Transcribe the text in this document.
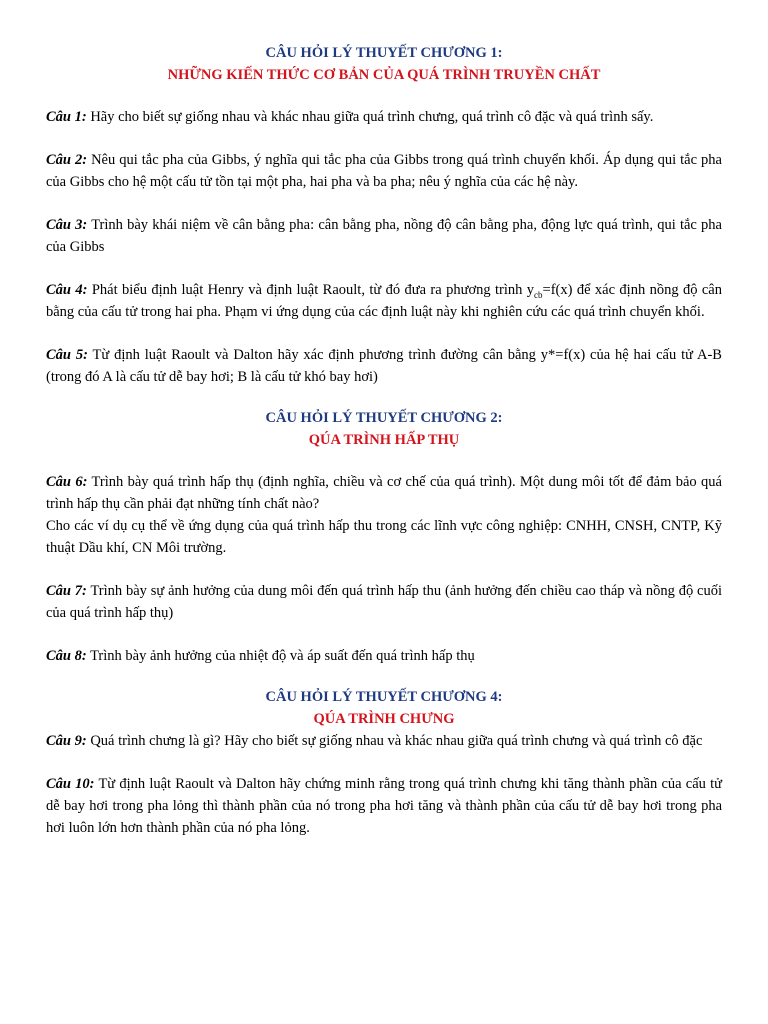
CÂU HỎI LÝ THUYẾT CHƯƠNG 1:
NHỮNG KIẾN THỨC CƠ BẢN CỦA QUÁ TRÌNH TRUYỀN CHẤT

Câu 1: Hãy cho biết sự giống nhau và khác nhau giữa quá trình chưng, quá trình cô đặc và quá trình sấy.

Câu 2: Nêu qui tắc pha của Gibbs, ý nghĩa qui tắc pha của Gibbs trong quá trình chuyển khối. Áp dụng qui tắc pha của Gibbs cho hệ một cấu tử tồn tại một pha, hai pha và ba pha; nêu ý nghĩa của các hệ này.

Câu 3: Trình bày khái niệm về cân bằng pha: cân bằng pha, nồng độ cân bằng pha, động lực quá trình, qui tắc pha của Gibbs

Câu 4: Phát biểu định luật Henry và định luật Raoult, từ đó đưa ra phương trình $y_{cb}=f(x)$ để xác định nồng độ cân bằng của cấu tử trong hai pha. Phạm vi ứng dụng của các định luật này khi nghiên cứu các quá trình chuyển khối.

Câu 5: Từ định luật Raoult và Dalton hãy xác định phương trình đường cân bằng y*=f(x) của hệ hai cấu tử A-B (trong đó A là cấu tử dễ bay hơi; B là cấu tử khó bay hơi)

CÂU HỎI LÝ THUYẾT CHƯƠNG 2:
QÚA TRÌNH HẤP THỤ

Câu 6: Trình bày quá trình hấp thụ (định nghĩa, chiều và cơ chế của quá trình). Một dung môi tốt để đảm bảo quá trình hấp thụ cần phải đạt những tính chất nào?

Cho các ví dụ cụ thể về ứng dụng của quá trình hấp thu trong các lĩnh vực công nghiệp: CNHH, CNSH, CNTP, Kỹ thuật Dầu khí, CN Môi trường.

Câu 7: Trình bày sự ảnh hưởng của dung môi đến quá trình hấp thu (ảnh hưởng đến chiều cao tháp và nồng độ cuối của quá trình hấp thụ)

Câu 8: Trình bày ảnh hưởng của nhiệt độ và áp suất đến quá trình hấp thụ

CÂU HỎI LÝ THUYẾT CHƯƠNG 4:
QÚA TRÌNH CHƯNG

Câu 9: Quá trình chưng là gì? Hãy cho biết sự giống nhau và khác nhau giữa quá trình chưng và quá trình cô đặc

Câu 10: Từ định luật Raoult và Dalton hãy chứng minh rằng trong quá trình chưng khi tăng thành phần của cấu tử dễ bay hơi trong pha lỏng thì thành phần của nó trong pha hơi tăng và thành phần của cấu tử dễ bay hơi trong pha hơi luôn lớn hơn thành phần của nó pha lỏng.
